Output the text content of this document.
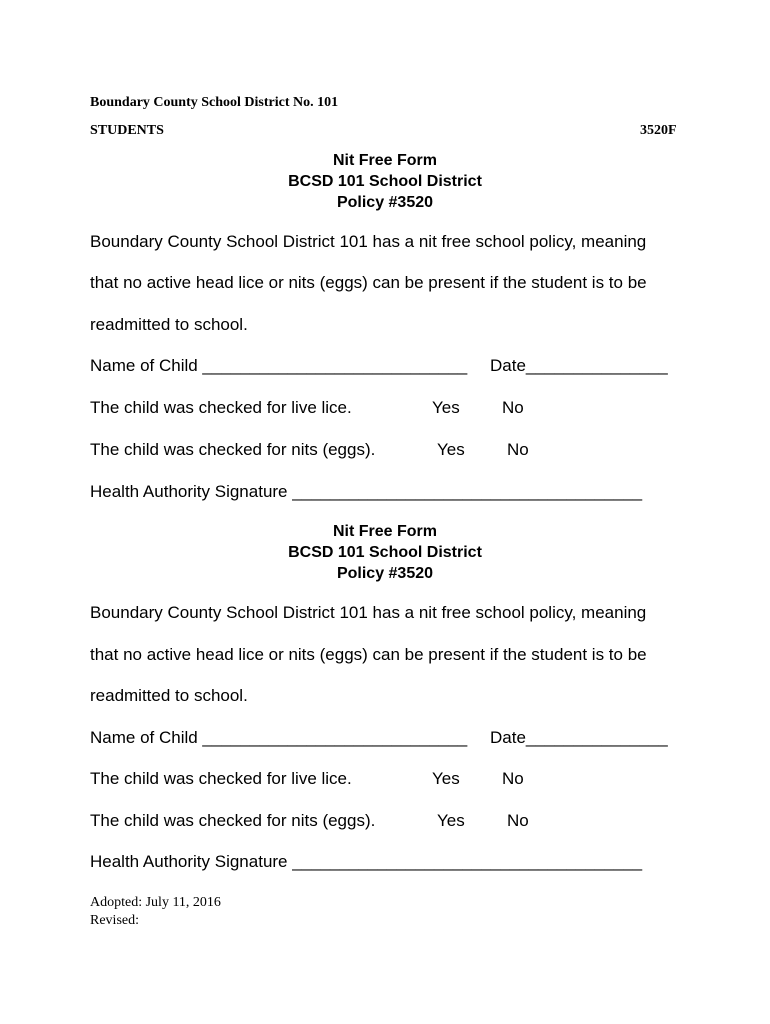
Boundary County School District No. 101
STUDENTS	3520F
Nit Free Form
BCSD 101 School District
Policy #3520
Boundary County School District 101 has a nit free school policy, meaning
that no active head lice or nits (eggs) can be present if the student is to be
readmitted to school.
Name of Child ____________________________ Date_______________
The child was checked for live lice.	Yes No
The child was checked for nits (eggs).	Yes No
Health Authority Signature _____________________________________
Nit Free Form
BCSD 101 School District
Policy #3520
Boundary County School District 101 has a nit free school policy, meaning
that no active head lice or nits (eggs) can be present if the student is to be
readmitted to school.
Name of Child ____________________________ Date_______________
The child was checked for live lice.	Yes No
The child was checked for nits (eggs).	Yes No
Health Authority Signature _____________________________________
Adopted: July 11, 2016
Revised:
